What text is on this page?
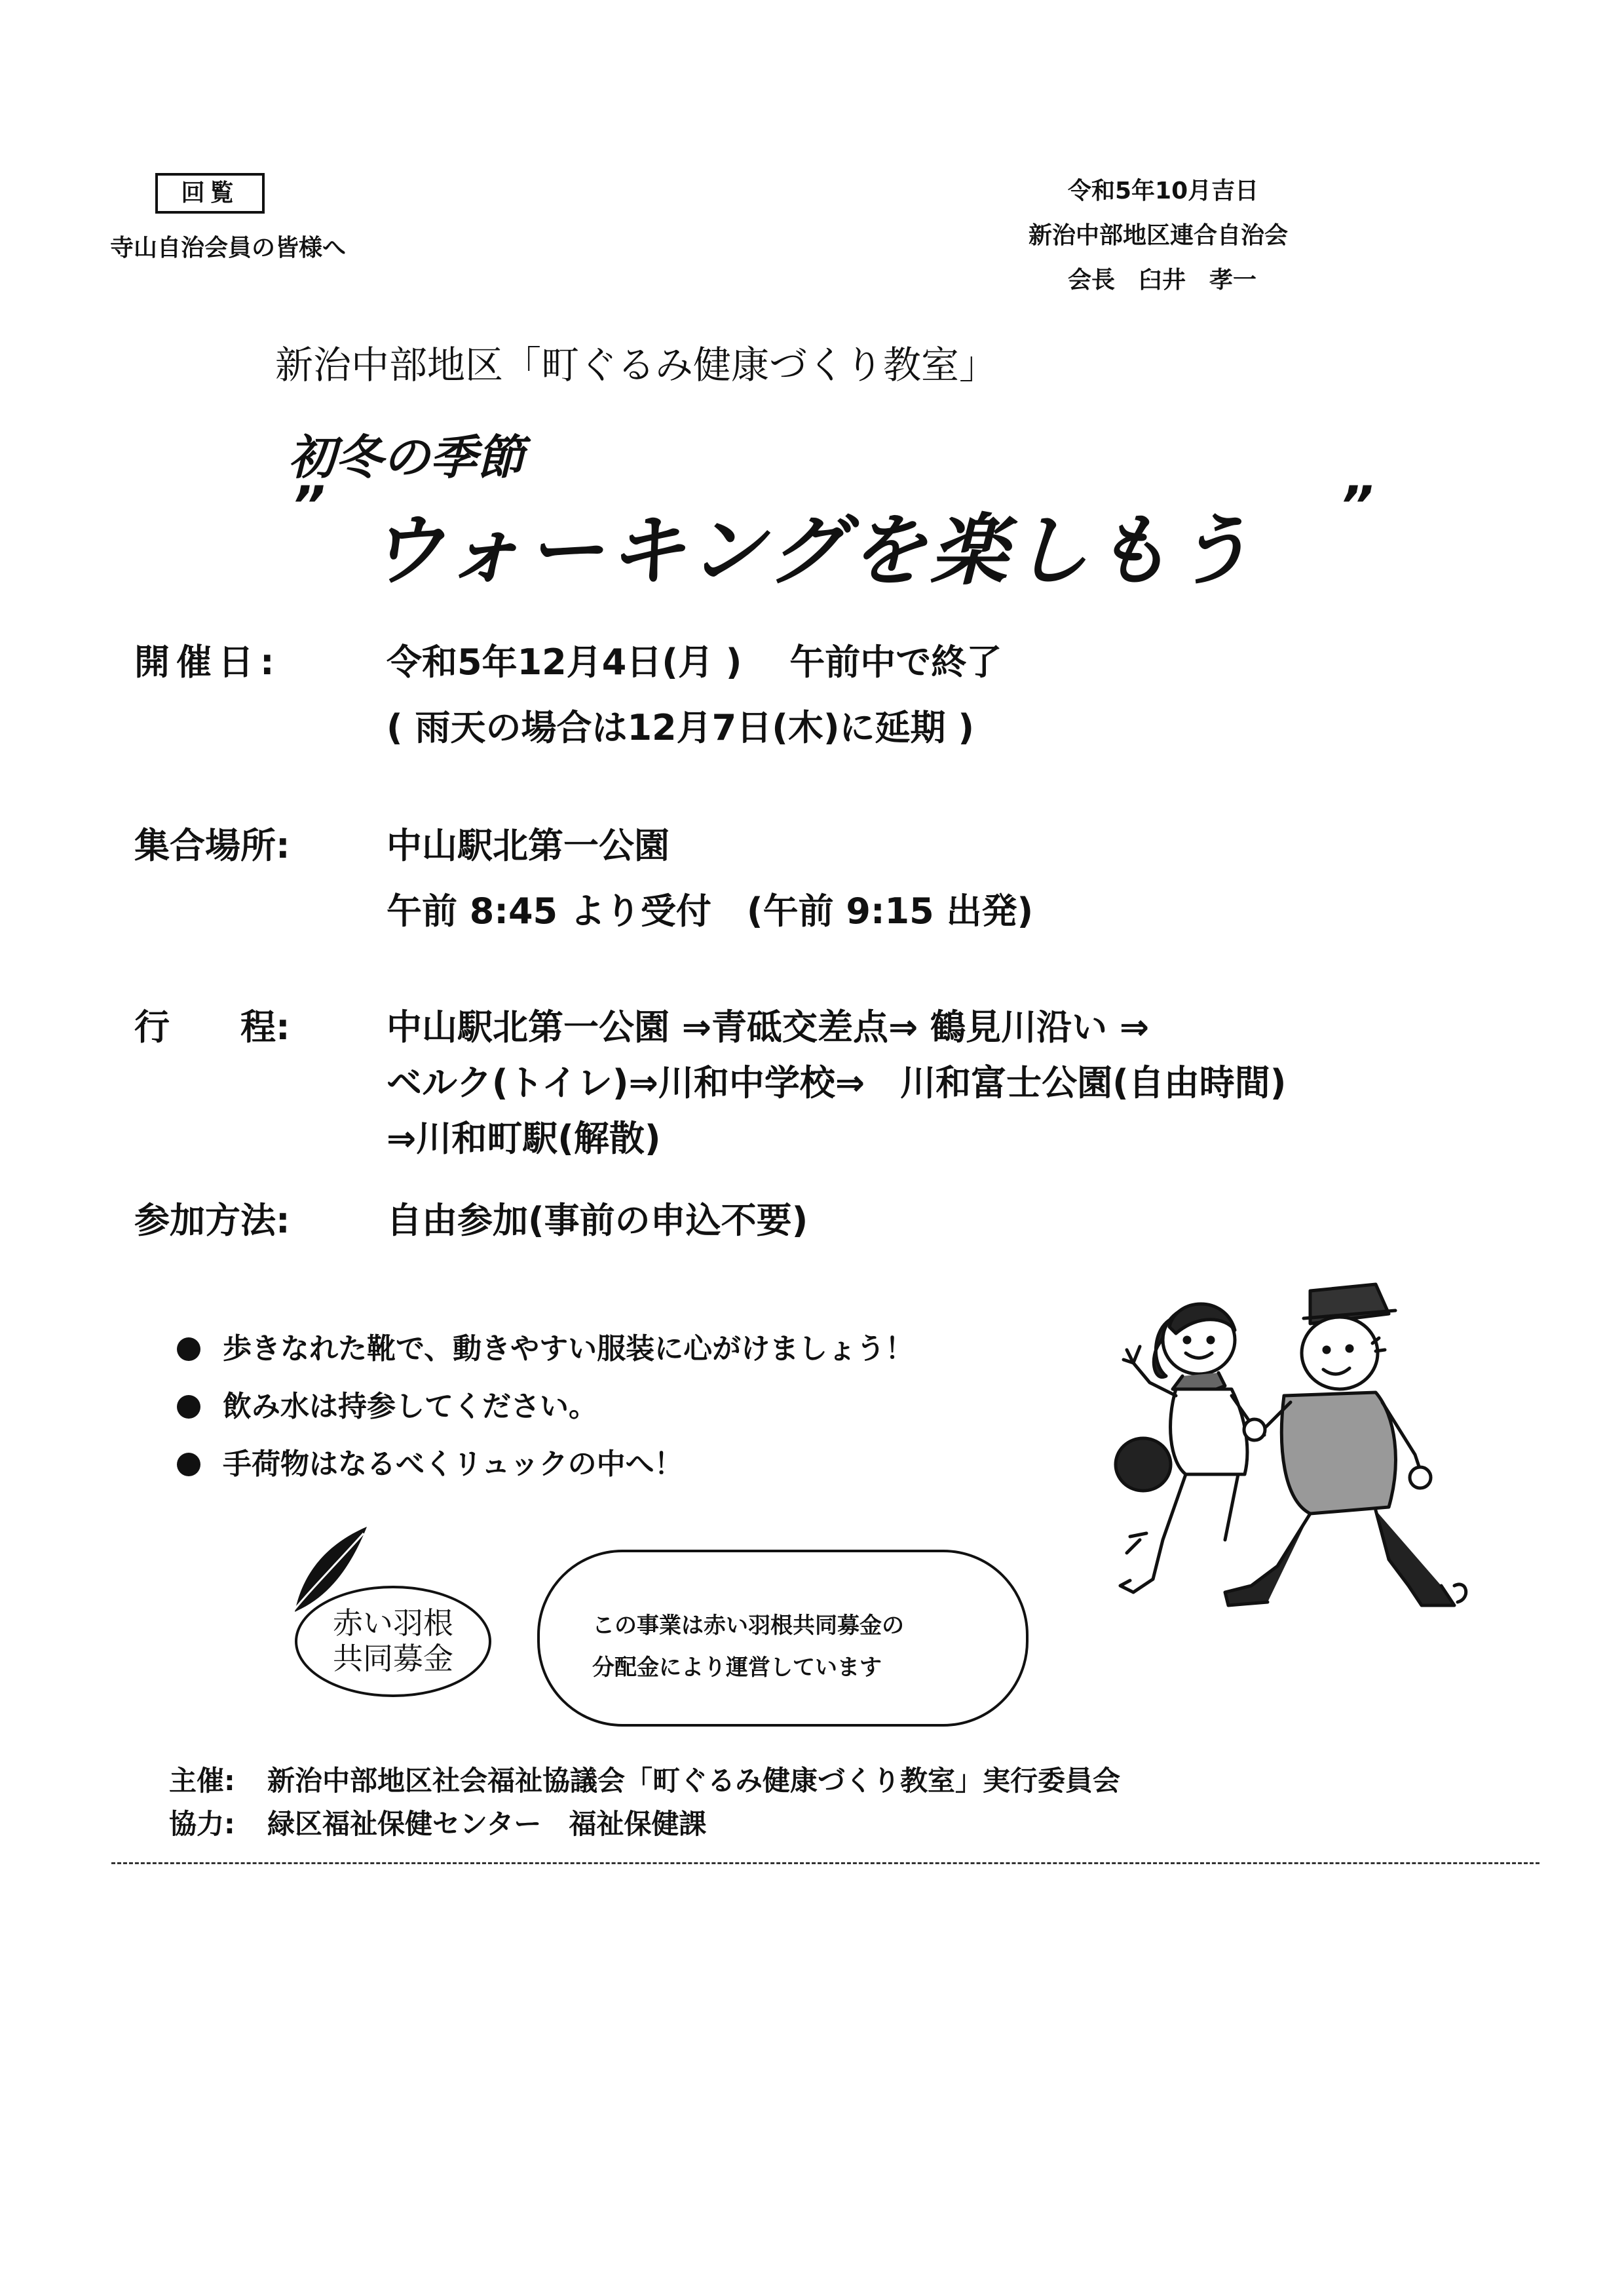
回覧
寺山自治会員の皆様へ
令和5年10月吉日
新治中部地区連合自治会
会長　臼井　孝一
新治中部地区「町ぐるみ健康づくり教室」
初冬の季節
” ウォーキングを楽しもう ”
開催日:	令和5年12月4日(月 )　 午前中で終了
( 雨天の場合は12月7日(木)に延期 )
集合場所:	中山駅北第一公園
午前 8:45 より受付　(午前 9:15 出発)
行　　程:	中山駅北第一公園 ⇒青砥交差点⇒ 鶴見川沿い ⇒
ベルク(トイレ)⇒川和中学校⇒　川和富士公園(自由時間)
⇒川和町駅(解散)
参加方法:	自由参加(事前の申込不要)
歩きなれた靴で、動きやすい服装に心がけましょう！
飲み水は持参してください。
手荷物はなるべくリュックの中へ！
赤い羽根
共同募金
この事業は赤い羽根共同募金の
分配金により運営しています
主催: 新治中部地区社会福祉協議会「町ぐるみ健康づくり教室」実行委員会
協力: 緑区福祉保健センター　福祉保健課
